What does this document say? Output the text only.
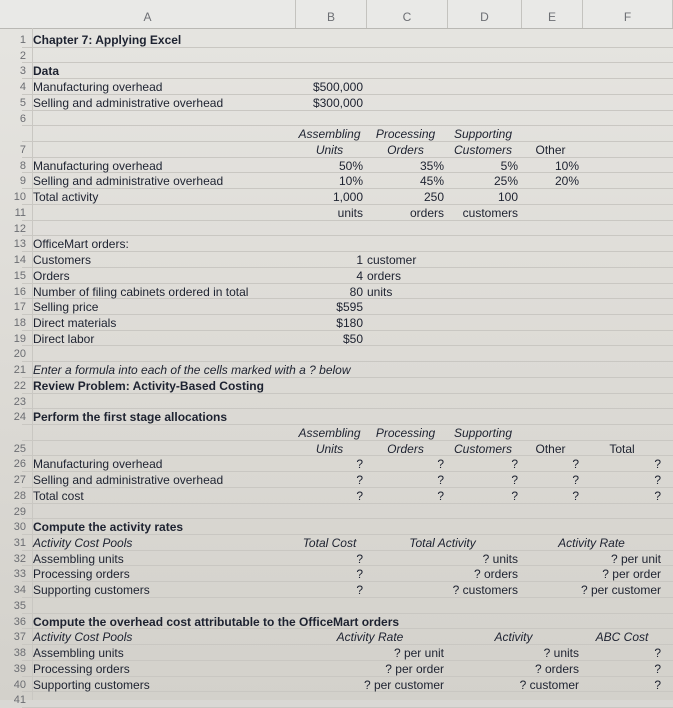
A	B	C	D	E	F
1 Chapter 7: Applying Excel
2
3 Data
4 Manufacturing overhead	$500,000
5 Selling and administrative overhead	$300,000
6
Assembling	Processing	Supporting
7	Units	Orders	Customers	Other
8 Manufacturing overhead	50%	35%	5%	10%
9 Selling and administrative overhead	10%	45%	25%	20%
10 Total activity	1,000	250	100
11	units	orders	customers
12
13 OfficeMart orders:
14 Customers	1 customer
15 Orders	4 orders
16 Number of filing cabinets ordered in total	80 units
17 Selling price	$595
18 Direct materials	$180
19 Direct labor	$50
20
21 Enter a formula into each of the cells marked with a ? below
22 Review Problem: Activity-Based Costing
23
24 Perform the first stage allocations
Assembling	Processing	Supporting
25	Units	Orders	Customers	Other	Total
26 Manufacturing overhead	?	?	?	?	?
27 Selling and administrative overhead	?	?	?	?	?
28 Total cost	?	?	?	?	?
29
30 Compute the activity rates
31 Activity Cost Pools	Total Cost	Total Activity	Activity Rate
32 Assembling units	?	? units	? per unit
33 Processing orders	?	? orders	? per order
34 Supporting customers	?	? customers	? per customer
35
36 Compute the overhead cost attributable to the OfficeMart orders
37 Activity Cost Pools	Activity Rate	Activity	ABC Cost
38 Assembling units	? per unit	? units	?
39 Processing orders	? per order	? orders	?
40 Supporting customers	? per customer	? customer	?
41
